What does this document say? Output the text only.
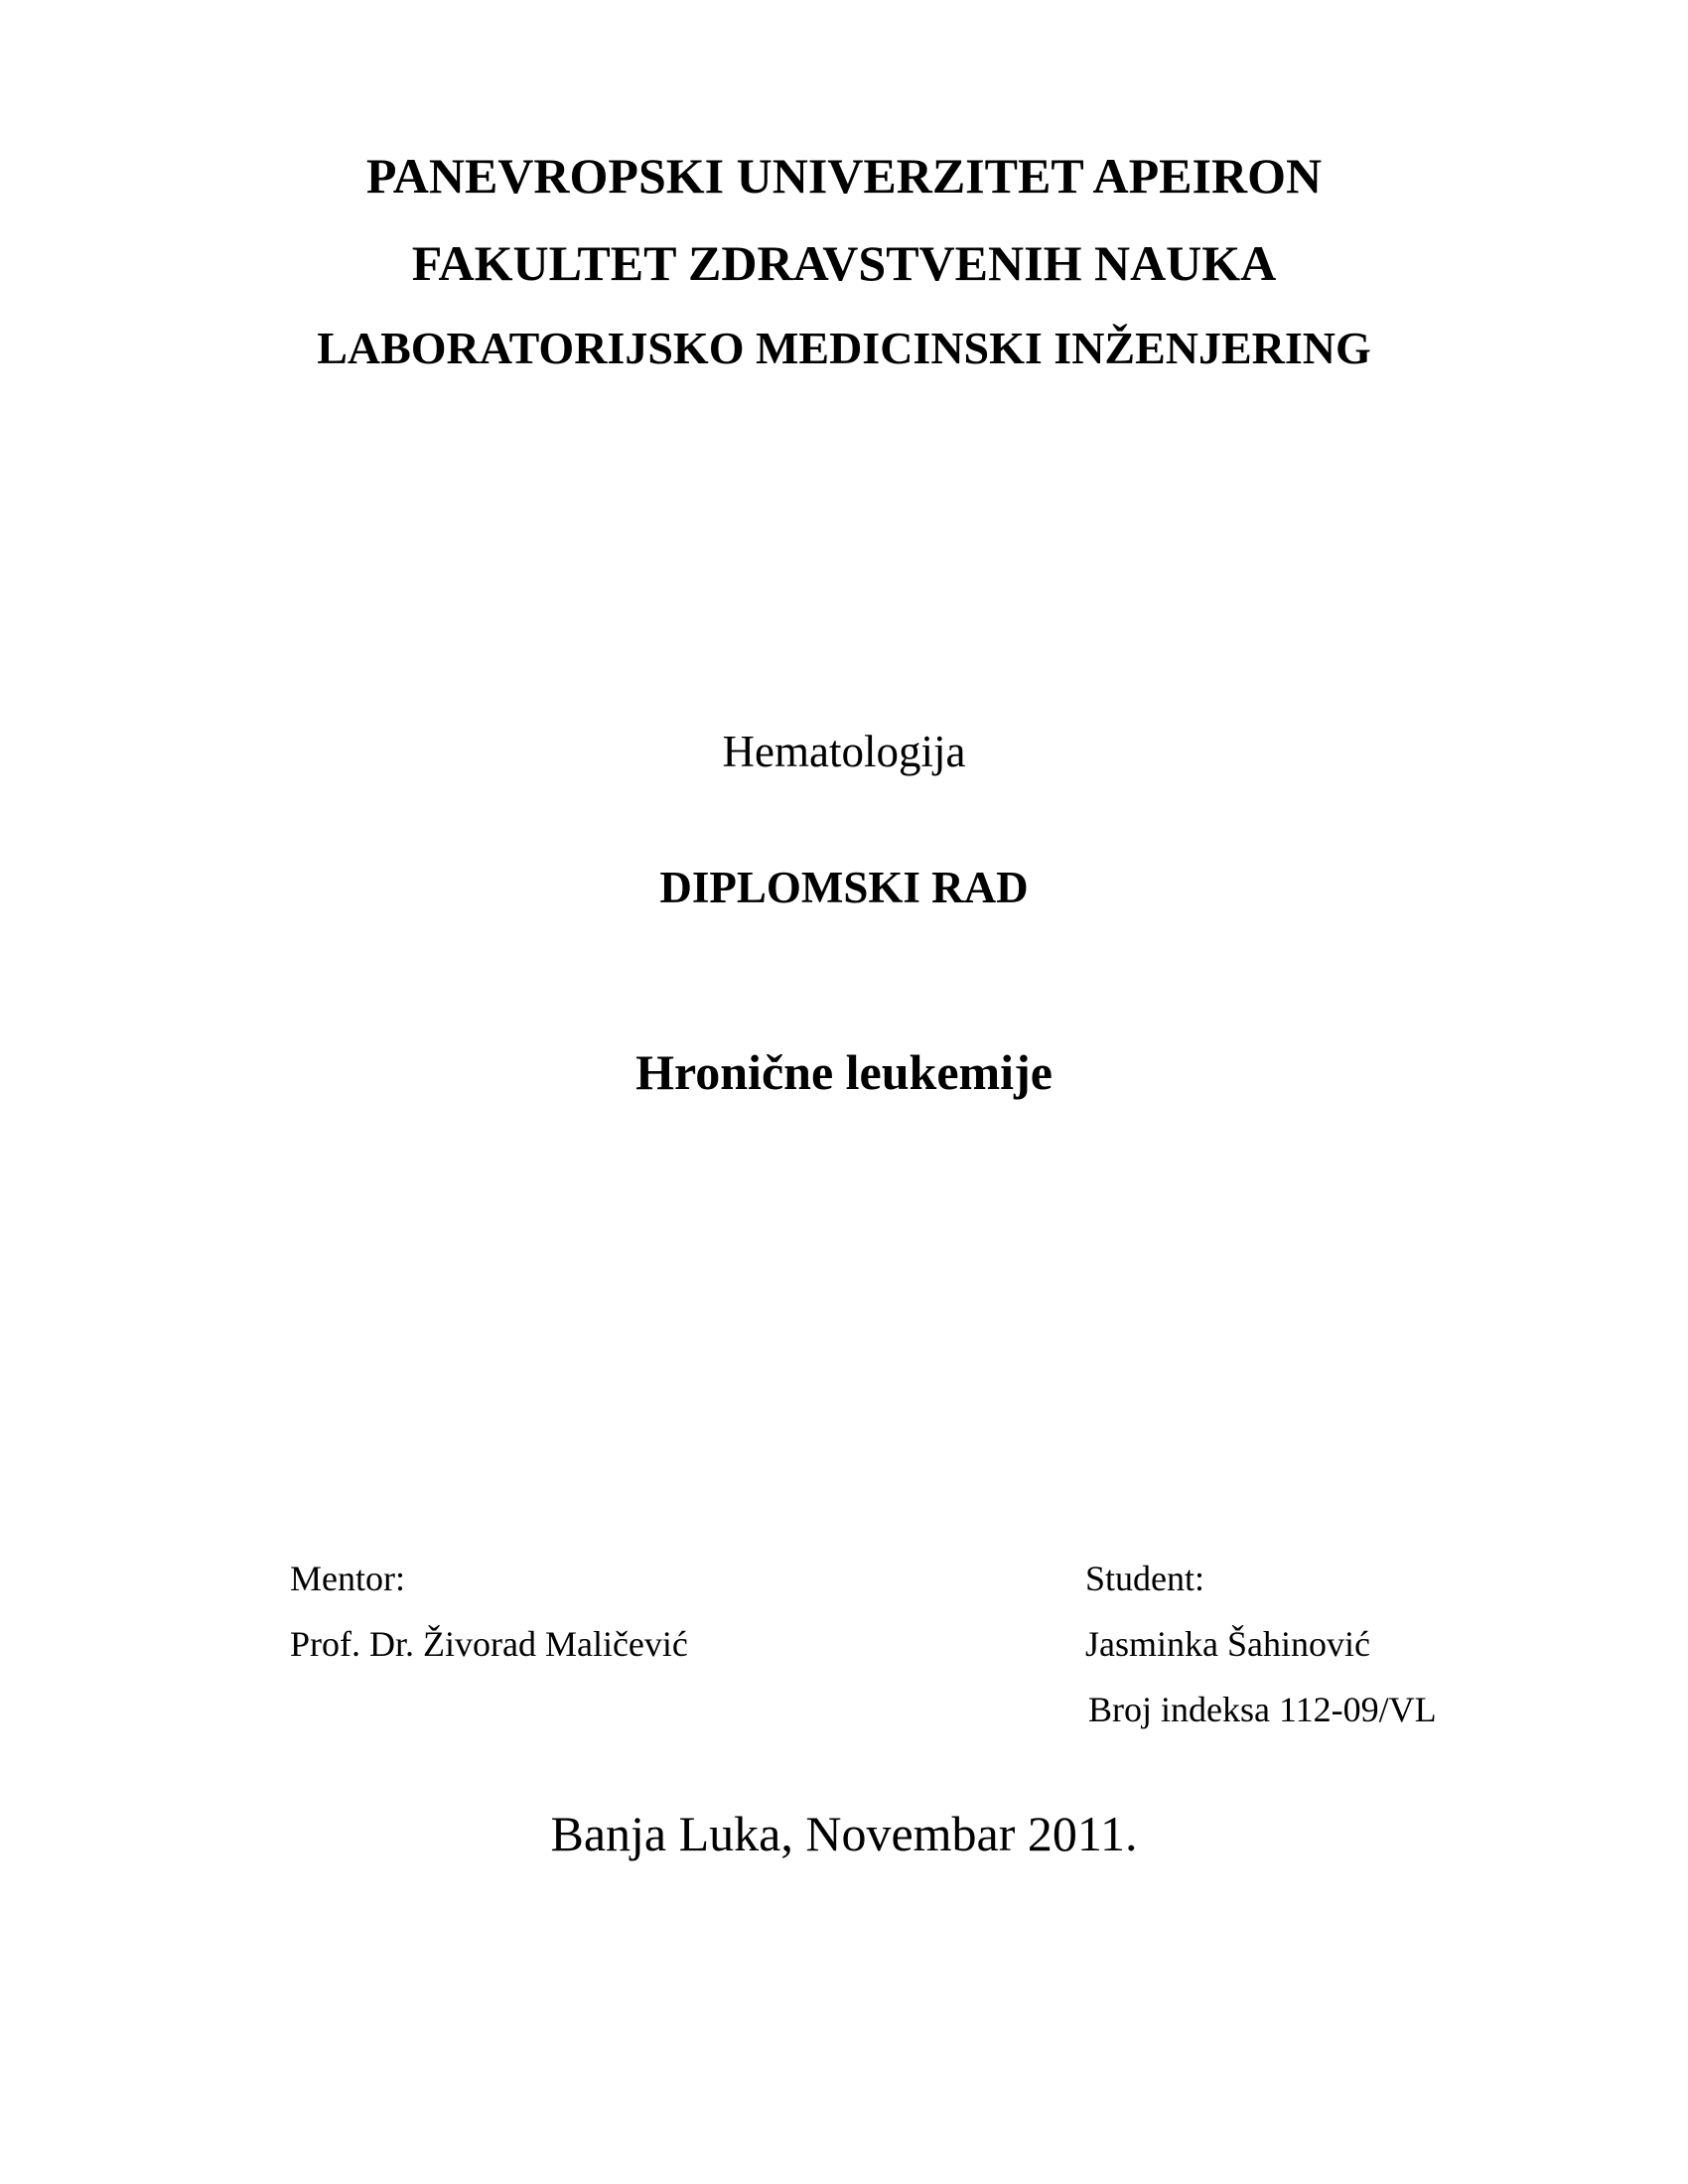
PANEVROPSKI UNIVERZITET APEIRON
FAKULTET ZDRAVSTVENIH NAUKA
LABORATORIJSKO MEDICINSKI INŽENJERING
Hematologija
DIPLOMSKI RAD
Hronične leukemije
Mentor:
Prof. Dr. Živorad Maličević
Student:
Jasminka Šahinović
Broj indeksa 112-09/VL
Banja Luka, Novembar 2011.
